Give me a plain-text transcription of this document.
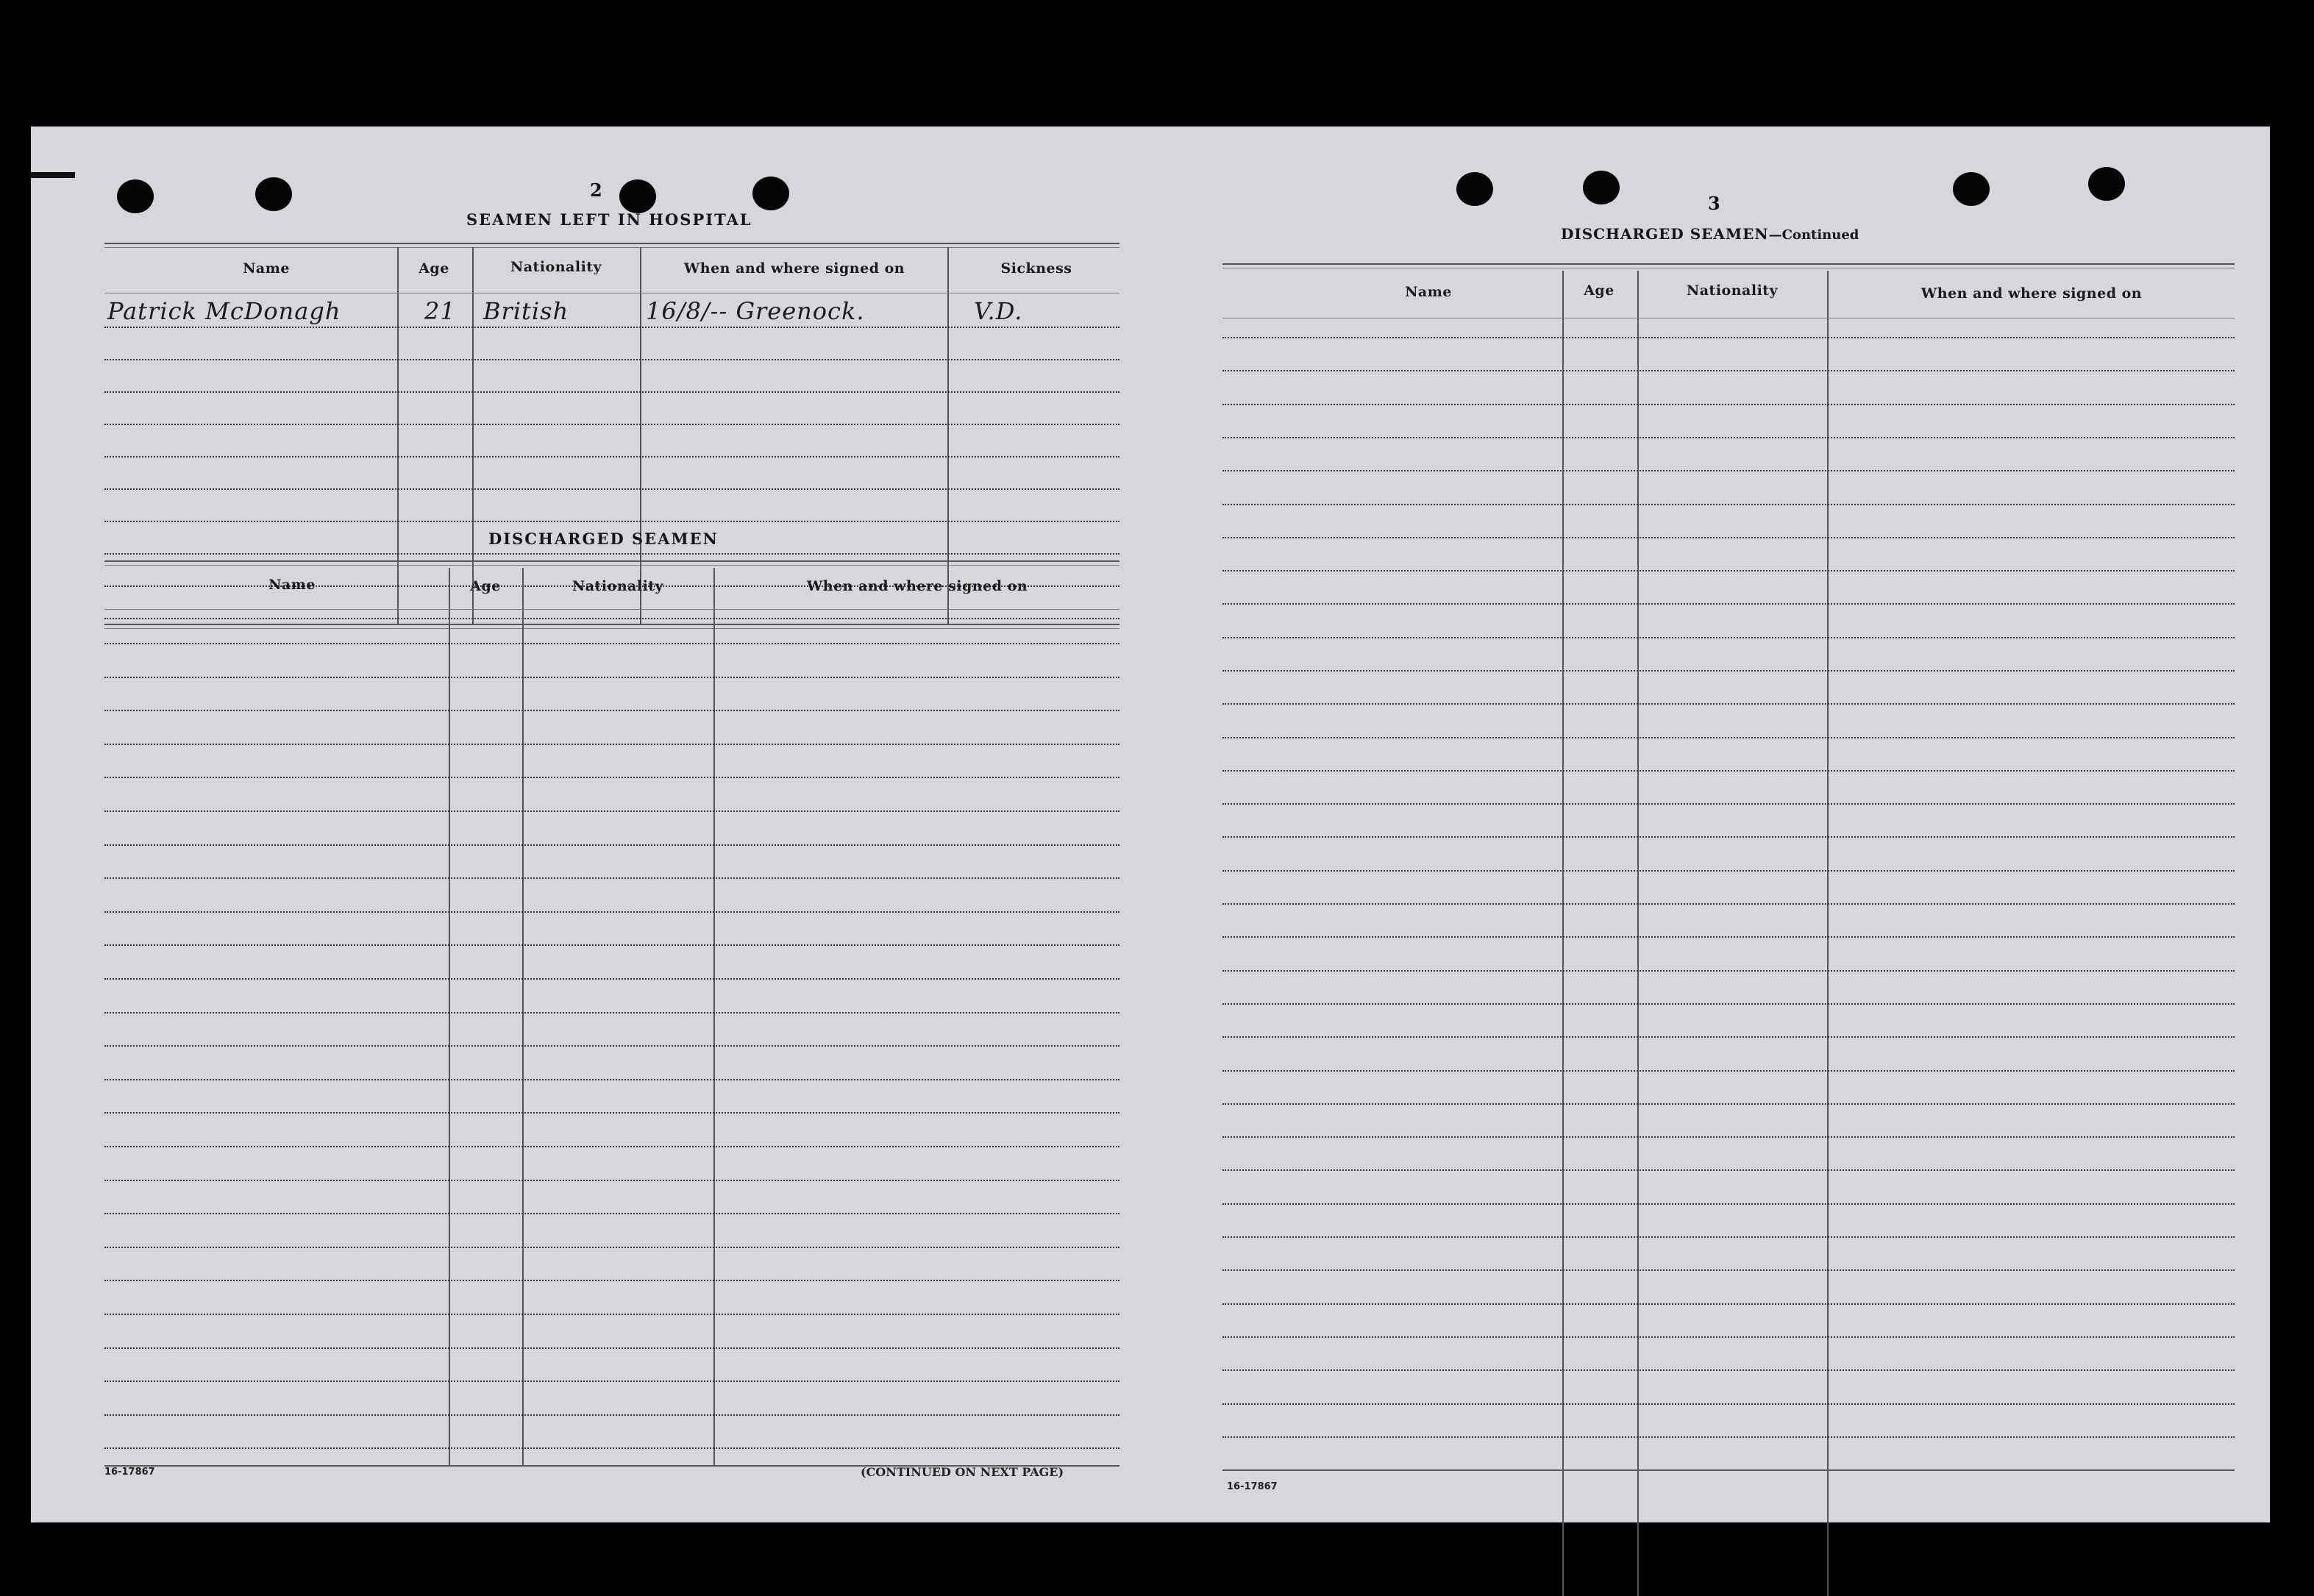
2
SEAMEN LEFT IN HOSPITAL
Name	Age	Nationality	When and where signed on	Sickness
Patrick McDonagh	21 British	16/8/-- Greenock.	V.D.
DISCHARGED SEAMEN
Name	Age	Nationality	When and where signed on
16-17867	(CONTINUED ON NEXT PAGE)
3
DISCHARGED SEAMEN—Continued
Name	Age	Nationality	When and where signed on
16-17867
